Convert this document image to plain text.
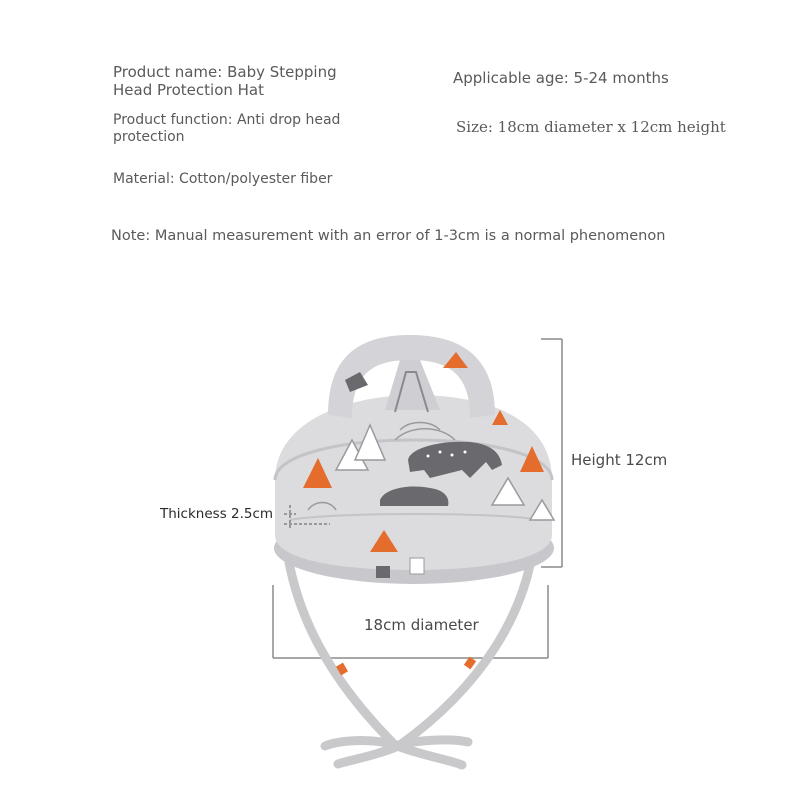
Product name: Baby Stepping Head Protection Hat
Product function: Anti drop head protection
Applicable age: 5-24 months
Size: 18cm diameter x 12cm height
Material: Cotton/polyester fiber
Note: Manual measurement with an error of 1-3cm is a normal phenomenon
Height 12cm
Thickness 2.5cm
18cm diameter
